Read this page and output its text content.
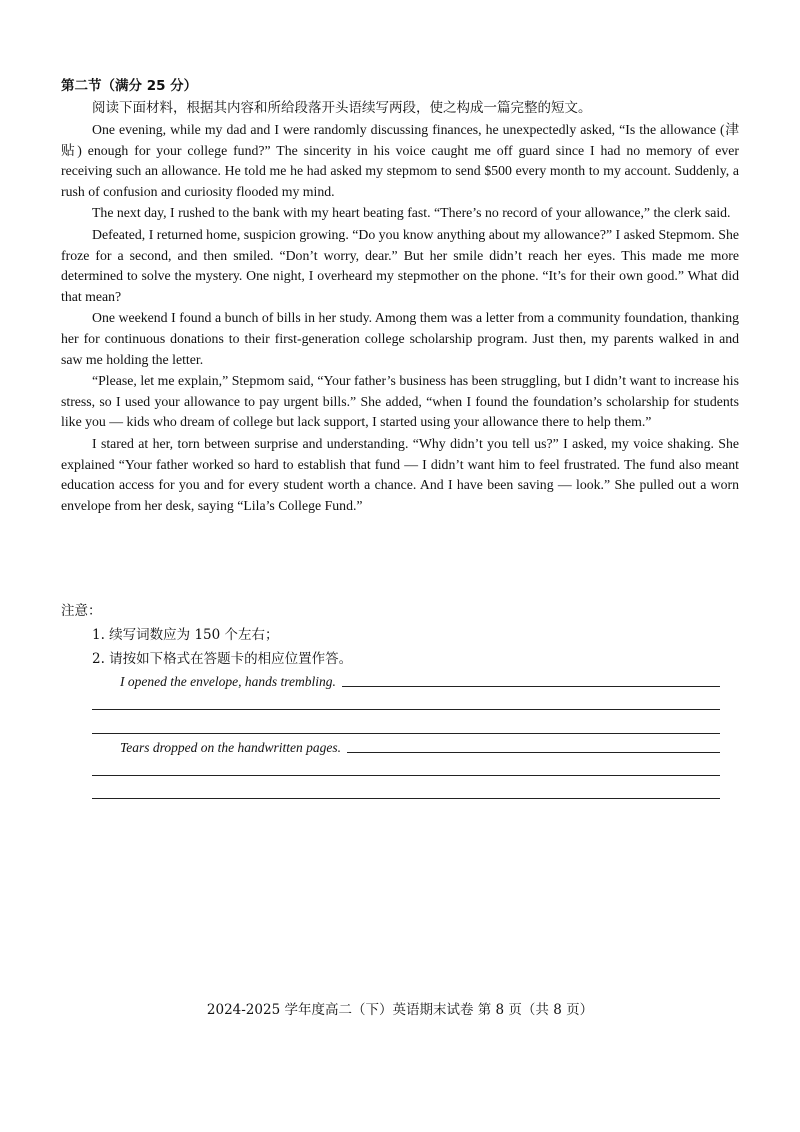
第二节（满分 25 分）
阅读下面材料，根据其内容和所给段落开头语续写两段，使之构成一篇完整的短文。

One evening, while my dad and I were randomly discussing finances, he unexpectedly asked, “Is the allowance (津贴) enough for your college fund?” The sincerity in his voice caught me off guard since I had no memory of ever receiving such an allowance. He told me he had asked my stepmom to send $500 every month to my account. Suddenly, a rush of confusion and curiosity flooded my mind.

The next day, I rushed to the bank with my heart beating fast. “There’s no record of your allowance,” the clerk said.

Defeated, I returned home, suspicion growing. “Do you know anything about my allowance?” I asked Stepmom. She froze for a second, and then smiled. “Don’t worry, dear.” But her smile didn’t reach her eyes. This made me more determined to solve the mystery. One night, I overheard my stepmother on the phone. “It’s for their own good.” What did that mean?

One weekend I found a bunch of bills in her study. Among them was a letter from a community foundation, thanking her for continuous donations to their first-generation college scholarship program. Just then, my parents walked in and saw me holding the letter.

“Please, let me explain,” Stepmom said, “Your father’s business has been struggling, but I didn’t want to increase his stress, so I used your allowance to pay urgent bills.” She added, “when I found the foundation’s scholarship for students like you — kids who dream of college but lack support, I started using your allowance there to help them.”

I stared at her, torn between surprise and understanding. “Why didn’t you tell us?” I asked, my voice shaking. She explained “Your father worked so hard to establish that fund — I didn’t want him to feel frustrated. The fund also meant education access for you and for every student worth a chance. And I have been saving — look.” She pulled out a worn envelope from her desk, saying “Lila’s College Fund.”

注意：
1. 续写词数应为 150 个左右；
2. 请按如下格式在答题卡的相应位置作答。
I opened the envelope, hands trembling.
Tears dropped on the handwritten pages.
2024-2025 学年度高二（下）英语期末试卷 第 8 页（共 8 页）
